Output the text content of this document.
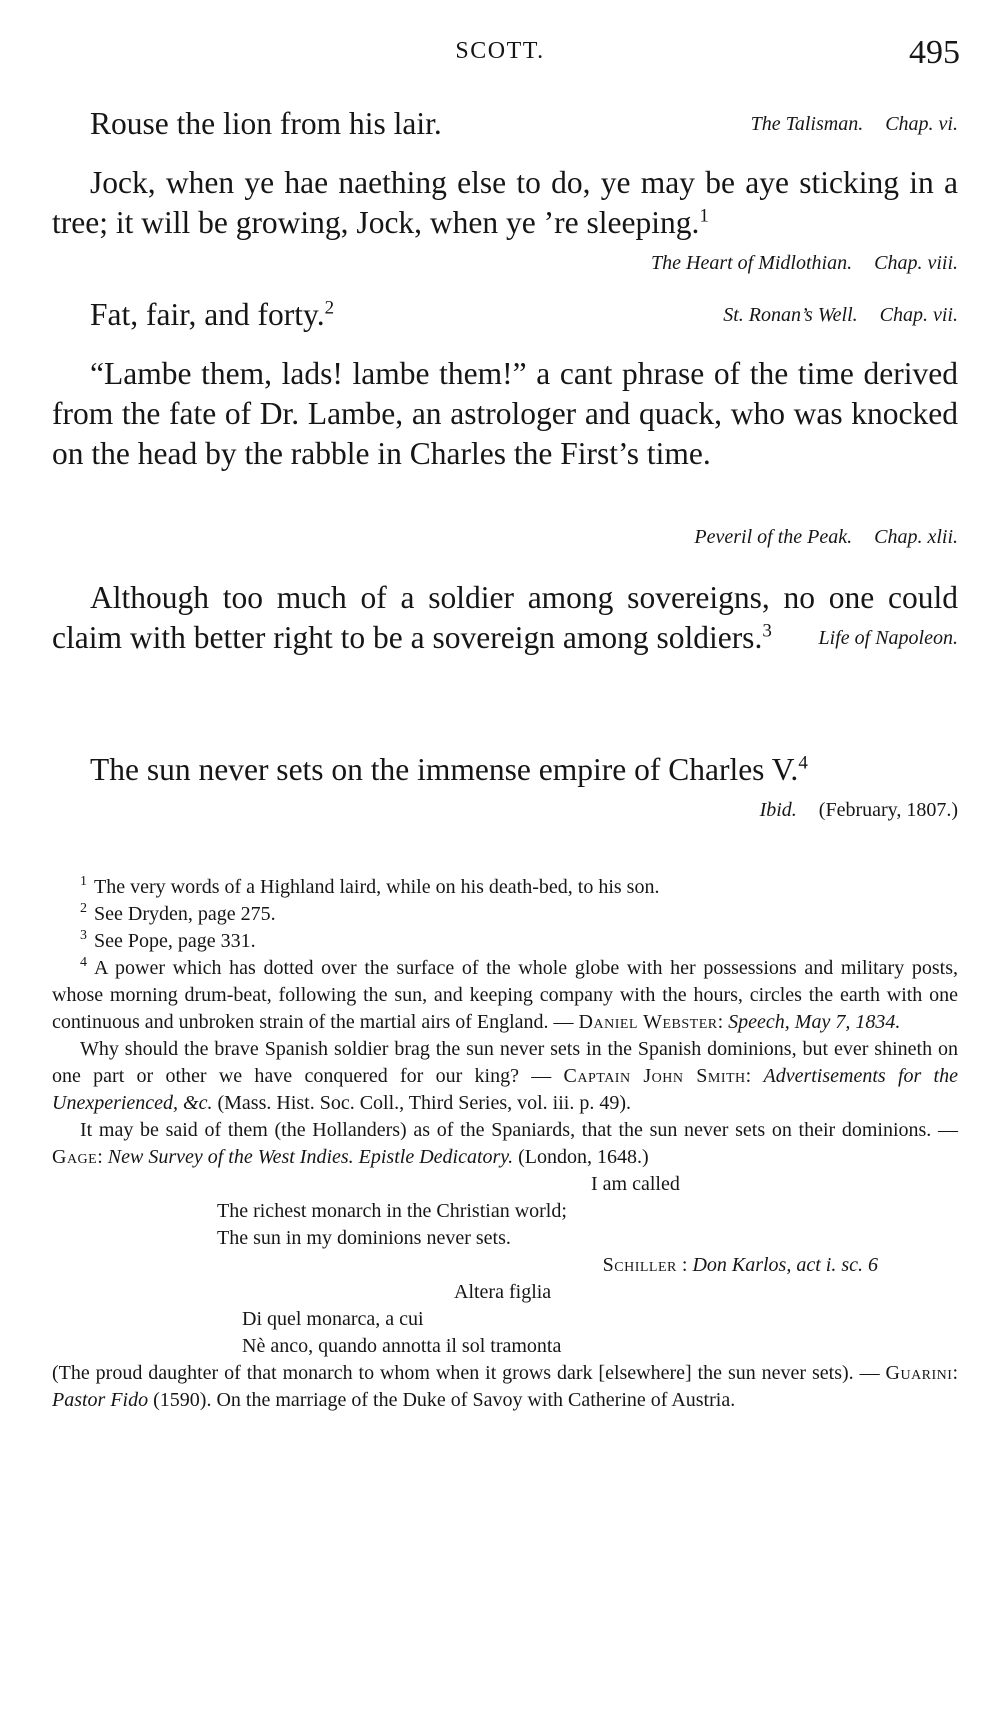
SCOTT.	495

Rouse the lion from his lair.	The Talisman. Chap. vi.

Jock, when ye hae naething else to do, ye may be aye sticking in a tree; it will be growing, Jock, when ye ’re sleeping.$^1$
The Heart of Midlothian. Chap. viii.

Fat, fair, and forty.$^2$	St. Ronan’s Well. Chap. vii.

“Lambe them, lads! lambe them!” a cant phrase of the time derived from the fate of Dr. Lambe, an astrologer and quack, who was knocked on the head by the rabble in Charles the First’s time.

Peveril of the Peak. Chap. xlii.

Although too much of a soldier among sovereigns, no one could claim with better right to be a sovereign among soldiers.$^3$	Life of Napoleon.

The sun never sets on the immense empire of Charles V.$^4$
Ibid. (February, 1807.)

$^1$ The very words of a Highland laird, while on his death-bed, to his son.
$^2$ See Dryden, page 275.
$^3$ See Pope, page 331.
$^4$ A power which has dotted over the surface of the whole globe with her possessions and military posts, whose morning drum-beat, following the sun, and keeping company with the hours, circles the earth with one continuous and unbroken strain of the martial airs of England. — Daniel Webster: Speech, May 7, 1834.
Why should the brave Spanish soldier brag the sun never sets in the Spanish dominions, but ever shineth on one part or other we have conquered for our king? — Captain John Smith: Advertisements for the Unexperienced, &c. (Mass. Hist. Soc. Coll., Third Series, vol. iii. p. 49).
It may be said of them (the Hollanders) as of the Spaniards, that the sun never sets on their dominions. — Gage: New Survey of the West Indies. Epistle Dedicatory. (London, 1648.)
I am called
The richest monarch in the Christian world;
The sun in my dominions never sets.
Schiller : Don Karlos, act i. sc. 6
Altera figlia
Di quel monarca, a cui
Nè anco, quando annotta il sol tramonta
(The proud daughter of that monarch to whom when it grows dark [elsewhere] the sun never sets). — Guarini: Pastor Fido (1590). On the marriage of the Duke of Savoy with Catherine of Austria.
